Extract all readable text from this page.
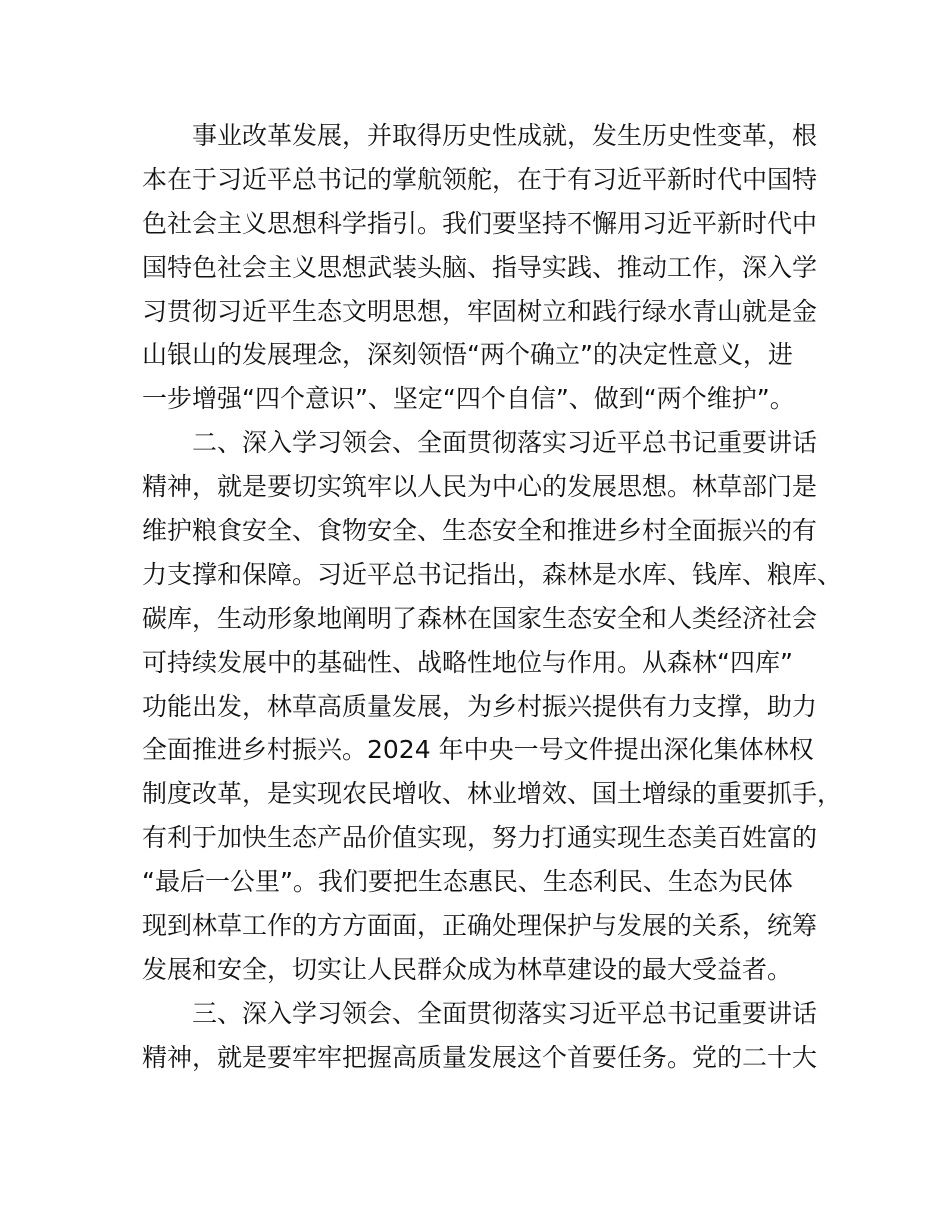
事业改革发展，并取得历史性成就，发生历史性变革，根
本在于习近平总书记的掌航领舵，在于有习近平新时代中国特
色社会主义思想科学指引。我们要坚持不懈用习近平新时代中
国特色社会主义思想武装头脑、指导实践、推动工作，深入学
习贯彻习近平生态文明思想，牢固树立和践行绿水青山就是金
山银山的发展理念，深刻领悟“两个确立”的决定性意义，进
一步增强“四个意识”、坚定“四个自信”、做到“两个维护”。
二、深入学习领会、全面贯彻落实习近平总书记重要讲话
精神，就是要切实筑牢以人民为中心的发展思想。林草部门是
维护粮食安全、食物安全、生态安全和推进乡村全面振兴的有
力支撑和保障。习近平总书记指出，森林是水库、钱库、粮库、
碳库，生动形象地阐明了森林在国家生态安全和人类经济社会
可持续发展中的基础性、战略性地位与作用。从森林“四库”
功能出发，林草高质量发展，为乡村振兴提供有力支撑，助力
全面推进乡村振兴。2024 年中央一号文件提出深化集体林权
制度改革，是实现农民增收、林业增效、国土增绿的重要抓手，
有利于加快生态产品价值实现，努力打通实现生态美百姓富的
“最后一公里”。我们要把生态惠民、生态利民、生态为民体
现到林草工作的方方面面，正确处理保护与发展的关系，统筹
发展和安全，切实让人民群众成为林草建设的最大受益者。
三、深入学习领会、全面贯彻落实习近平总书记重要讲话
精神，就是要牢牢把握高质量发展这个首要任务。党的二十大
